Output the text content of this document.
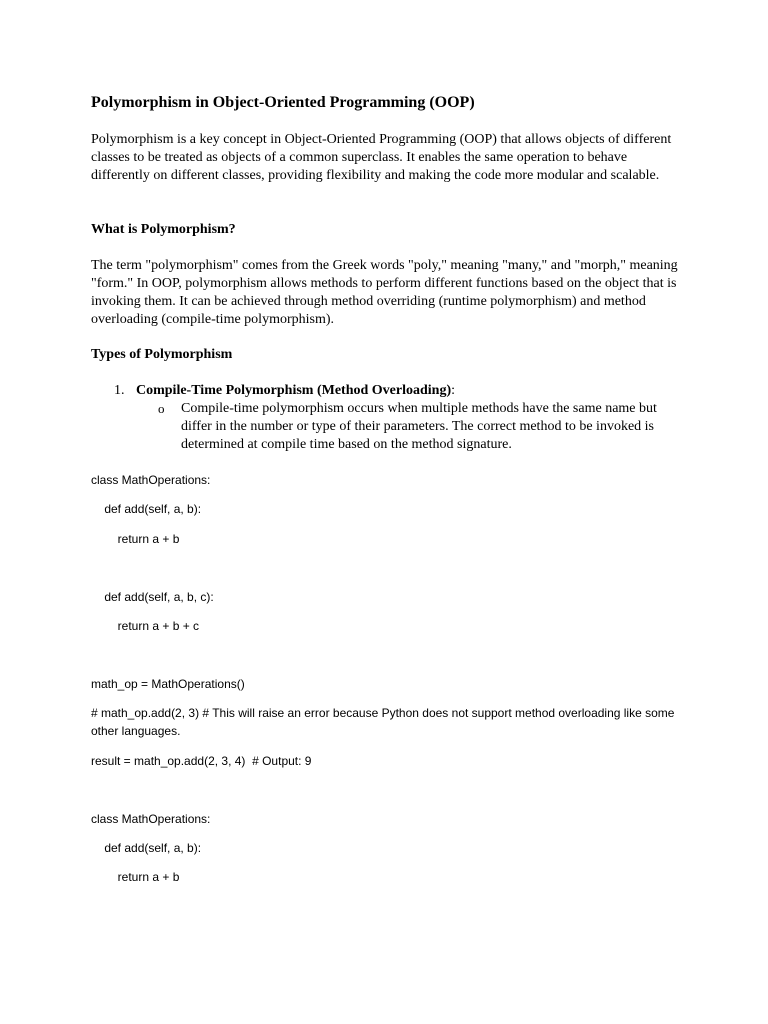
Polymorphism in Object-Oriented Programming (OOP)

Polymorphism is a key concept in Object-Oriented Programming (OOP) that allows objects of different classes to be treated as objects of a common superclass. It enables the same operation to behave differently on different classes, providing flexibility and making the code more modular and scalable.

What is Polymorphism?

The term "polymorphism" comes from the Greek words "poly," meaning "many," and "morph," meaning "form." In OOP, polymorphism allows methods to perform different functions based on the object that is invoking them. It can be achieved through method overriding (runtime polymorphism) and method overloading (compile-time polymorphism).

Types of Polymorphism
1. Compile-Time Polymorphism (Method Overloading):
o Compile-time polymorphism occurs when multiple methods have the same name but differ in the number or type of their parameters. The correct method to be invoked is determined at compile time based on the method signature.

class MathOperations:
def add(self, a, b):
return a + b
def add(self, a, b, c):
return a + b + c
math_op = MathOperations()
# math_op.add(2, 3) # This will raise an error because Python does not support method overloading like some other languages.
result = math_op.add(2, 3, 4)  # Output: 9
class MathOperations:
def add(self, a, b):
return a + b
